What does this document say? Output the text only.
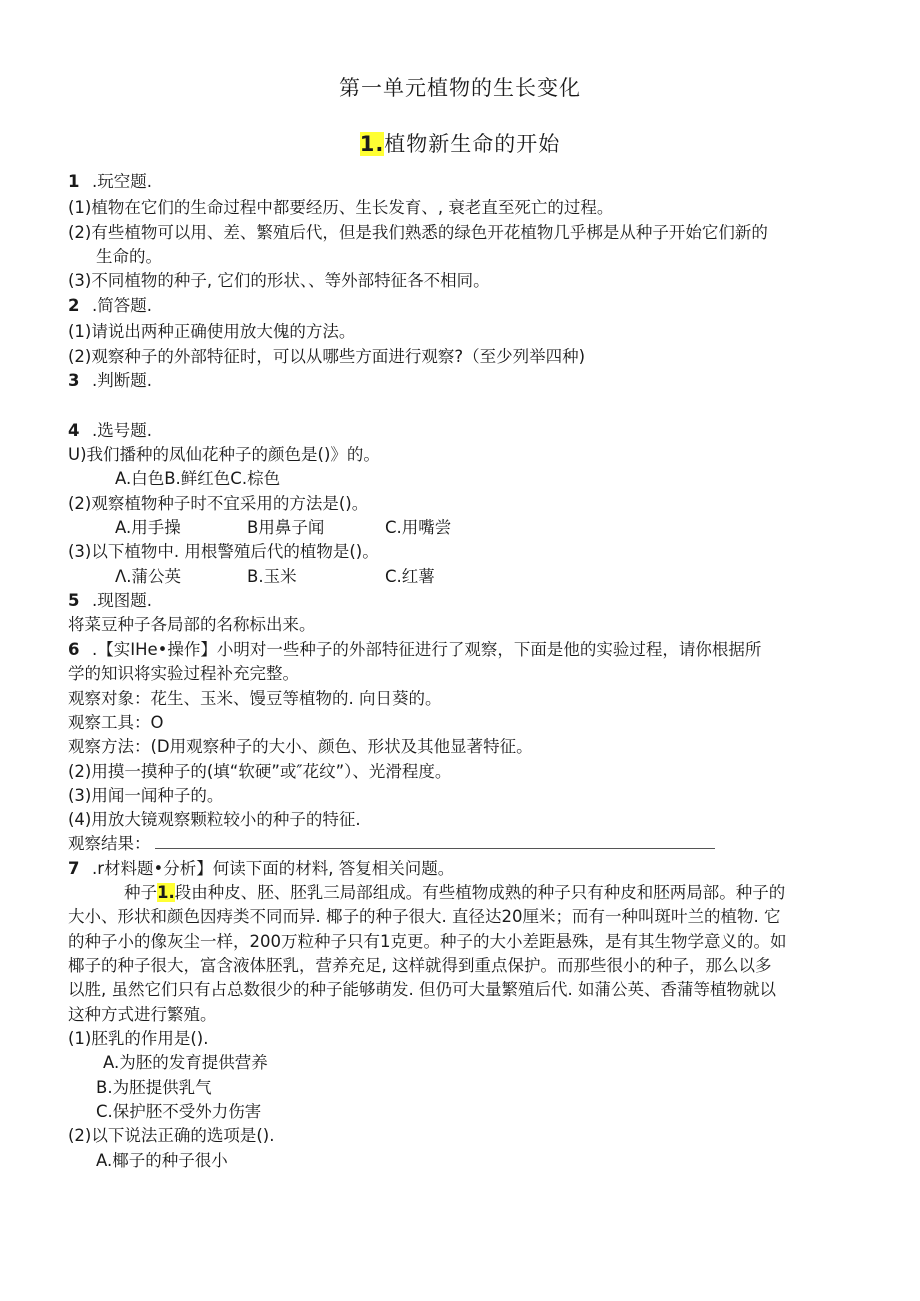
第一单元植物的生长变化
1.植物新生命的开始
1 .玩空题.
(1)植物在它们的生命过程中都要经历、生长发育、, 衰老直至死亡的过程。
(2)有些植物可以用、差、繁殖后代，但是我们熟悉的绿色开花植物几乎梆是从种子开始它们新的
生命的。
(3)不同植物的种子, 它们的形状、、等外部特征各不相同。
2 .简答题.
(1)请说出两种正确使用放大傀的方法。
(2)观察种子的外部特征时，可以从哪些方面进行观察?（至少列举四种)
3 .判断题.
4 .选号题.
U)我们播种的凤仙花种子的颜色是()》的。
A.白色B.鲜红色C.棕色
(2)观察植物种子时不宜采用的方法是()。
A.用手操	B用鼻子闻	C.用嘴尝
(3)以下植物中. 用根警殖后代的植物是()。
Λ.蒲公英	B.玉米	C.红薯
5 .现图题.
将菜豆种子各局部的名称标出来。
6 .【实IHe•操作】小明对一些种子的外部特征进行了观察，下面是他的实验过程，请你根据所
学的知识将实验过程补充完整。
观察对象：花生、玉米、馒豆等植物的. 向日葵的。
观察工具：O
观察方法：(D用观察种子的大小、颜色、形状及其他显著特征。
(2)用摸一摸种子的(填“软硬”或″花纹”）、光滑程度。
(3)用闻一闻种子的。
(4)用放大镜观察颗粒较小的种子的特征.
观察结果：
7 .r材料题•分析】何读下面的材料, 答复相关问题。
种子1.段由种皮、胚、胚乳三局部组成。有些植物成熟的种子只有种皮和胚两局部。种子的
大小、形状和颜色因痔类不同而异. 椰子的种子很大. 直径达20厘米；而有一种叫斑叶兰的植物. 它
的种子小的像灰尘一样，200万粒种子只有1克更。种子的大小差距悬殊，是有其生物学意义的。如
椰子的种子很大，富含液体胚乳，营养充足, 这样就得到重点保护。而那些很小的种子，那么以多
以胜, 虽然它们只有占总数很少的种子能够萌发. 但仍可大量繁殖后代. 如蒲公英、香蒲等植物就以
这种方式进行繁殖。
(1)胚乳的作用是().
A.为胚的发育提供营养
B.为胚提供乳气
C.保护胚不受外力伤害
(2)以下说法正确的选项是().
A.椰子的种子很小
